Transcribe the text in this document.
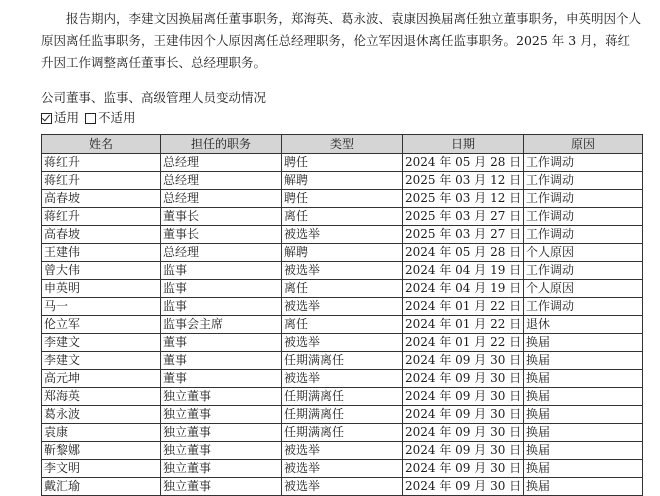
报告期内，李建文因换届离任董事职务，郑海英、葛永波、袁康因换届离任独立董事职务，申英明因个人原因离任监事职务，王建伟因个人原因离任总经理职务，伦立军因退休离任监事职务。2025 年 3 月，蒋红升因工作调整离任董事长、总经理职务。

公司董事、监事、高级管理人员变动情况
适用 不适用
姓名	担任的职务	类型	日期	原因
蒋红升	总经理	聘任	2024 年 05 月 28 日	工作调动
蒋红升	总经理	解聘	2025 年 03 月 12 日	工作调动
高春坡	总经理	聘任	2025 年 03 月 12 日	工作调动
蒋红升	董事长	离任	2025 年 03 月 27 日	工作调动
高春坡	董事长	被选举	2025 年 03 月 27 日	工作调动
王建伟	总经理	解聘	2024 年 05 月 28 日	个人原因
曾大伟	监事	被选举	2024 年 04 月 19 日	工作调动
申英明	监事	离任	2024 年 04 月 19 日	个人原因
马一	监事	被选举	2024 年 01 月 22 日	工作调动
伦立军	监事会主席	离任	2024 年 01 月 22 日	退休
李建文	董事	被选举	2024 年 01 月 22 日	换届
李建文	董事	任期满离任	2024 年 09 月 30 日	换届
高元坤	董事	被选举	2024 年 09 月 30 日	换届
郑海英	独立董事	任期满离任	2024 年 09 月 30 日	换届
葛永波	独立董事	任期满离任	2024 年 09 月 30 日	换届
袁康	独立董事	任期满离任	2024 年 09 月 30 日	换届
靳黎娜	独立董事	被选举	2024 年 09 月 30 日	换届
李文明	独立董事	被选举	2024 年 09 月 30 日	换届
戴汇瑜	独立董事	被选举	2024 年 09 月 30 日	换届
